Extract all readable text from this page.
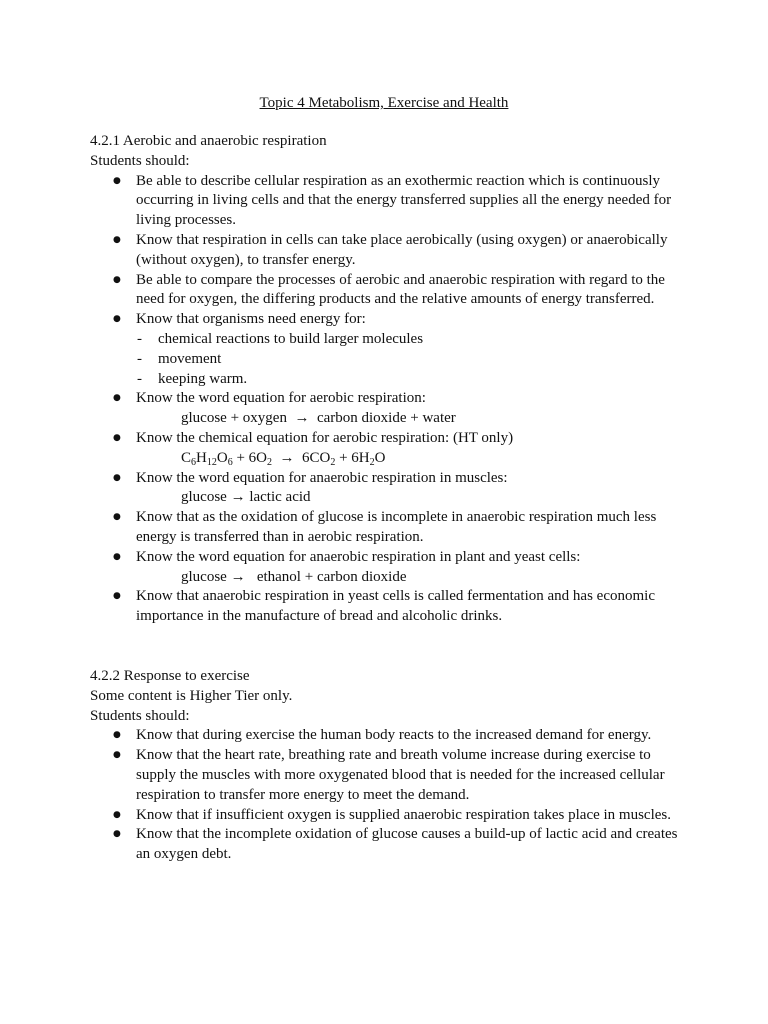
Topic 4 Metabolism, Exercise and Health

4.2.1 Aerobic and anaerobic respiration

Students should:

● Be able to describe cellular respiration as an exothermic reaction which is continuously occurring in living cells and that the energy transferred supplies all the energy needed for living processes.
● Know that respiration in cells can take place aerobically (using oxygen) or anaerobically (without oxygen), to transfer energy.
● Be able to compare the processes of aerobic and anaerobic respiration with regard to the need for oxygen, the differing products and the relative amounts of energy transferred.
● Know that organisms need energy for:
- chemical reactions to build larger molecules
- movement
- keeping warm.
● Know the word equation for aerobic respiration:
glucose + oxygen → carbon dioxide + water
● Know the chemical equation for aerobic respiration: (HT only)
$C_6H_{12}O_6 + 6O_2 \to 6CO_2 + 6H_2O$
● Know the word equation for anaerobic respiration in muscles:
glucose → lactic acid
● Know that as the oxidation of glucose is incomplete in anaerobic respiration much less energy is transferred than in aerobic respiration.
● Know the word equation for anaerobic respiration in plant and yeast cells:
glucose → ethanol + carbon dioxide
● Know that anaerobic respiration in yeast cells is called fermentation and has economic importance in the manufacture of bread and alcoholic drinks.

4.2.2 Response to exercise

Some content is Higher Tier only.

Students should:

● Know that during exercise the human body reacts to the increased demand for energy.
● Know that the heart rate, breathing rate and breath volume increase during exercise to supply the muscles with more oxygenated blood that is needed for the increased cellular respiration to transfer more energy to meet the demand.
● Know that if insufficient oxygen is supplied anaerobic respiration takes place in muscles.
● Know that the incomplete oxidation of glucose causes a build-up of lactic acid and creates an oxygen debt.
